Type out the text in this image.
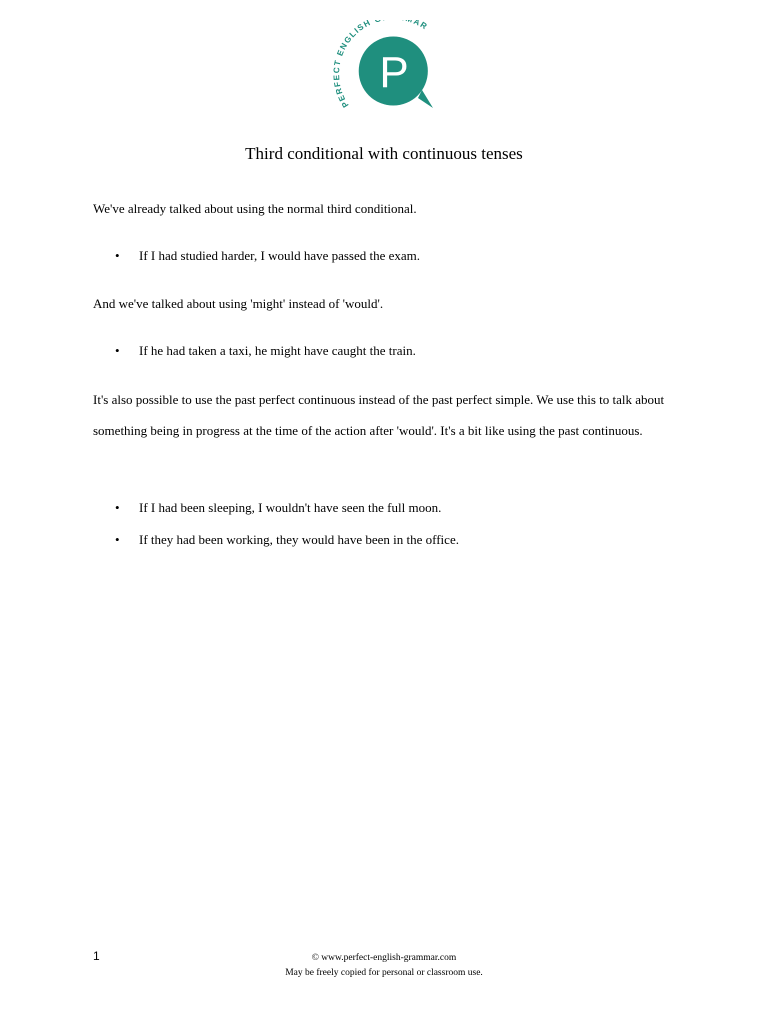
PERFECT ENGLISH AR
P
Third conditional with continuous tenses

We've already talked about using the normal third conditional.

• If I had studied harder, I would have passed the exam.

And we've talked about using 'might' instead of 'would'.

• If he had taken a taxi, he might have caught the train.

It's also possible to use the past perfect continuous instead of the past perfect simple. We use this to talk about something being in progress at the time of the action after 'would'. It's a bit like using the past continuous.

• If I had been sleeping, I wouldn't have seen the full moon.
• If they had been working, they would have been in the office.
1	© www.perfect-english-grammar.com
May be freely copied for personal or classroom use.
